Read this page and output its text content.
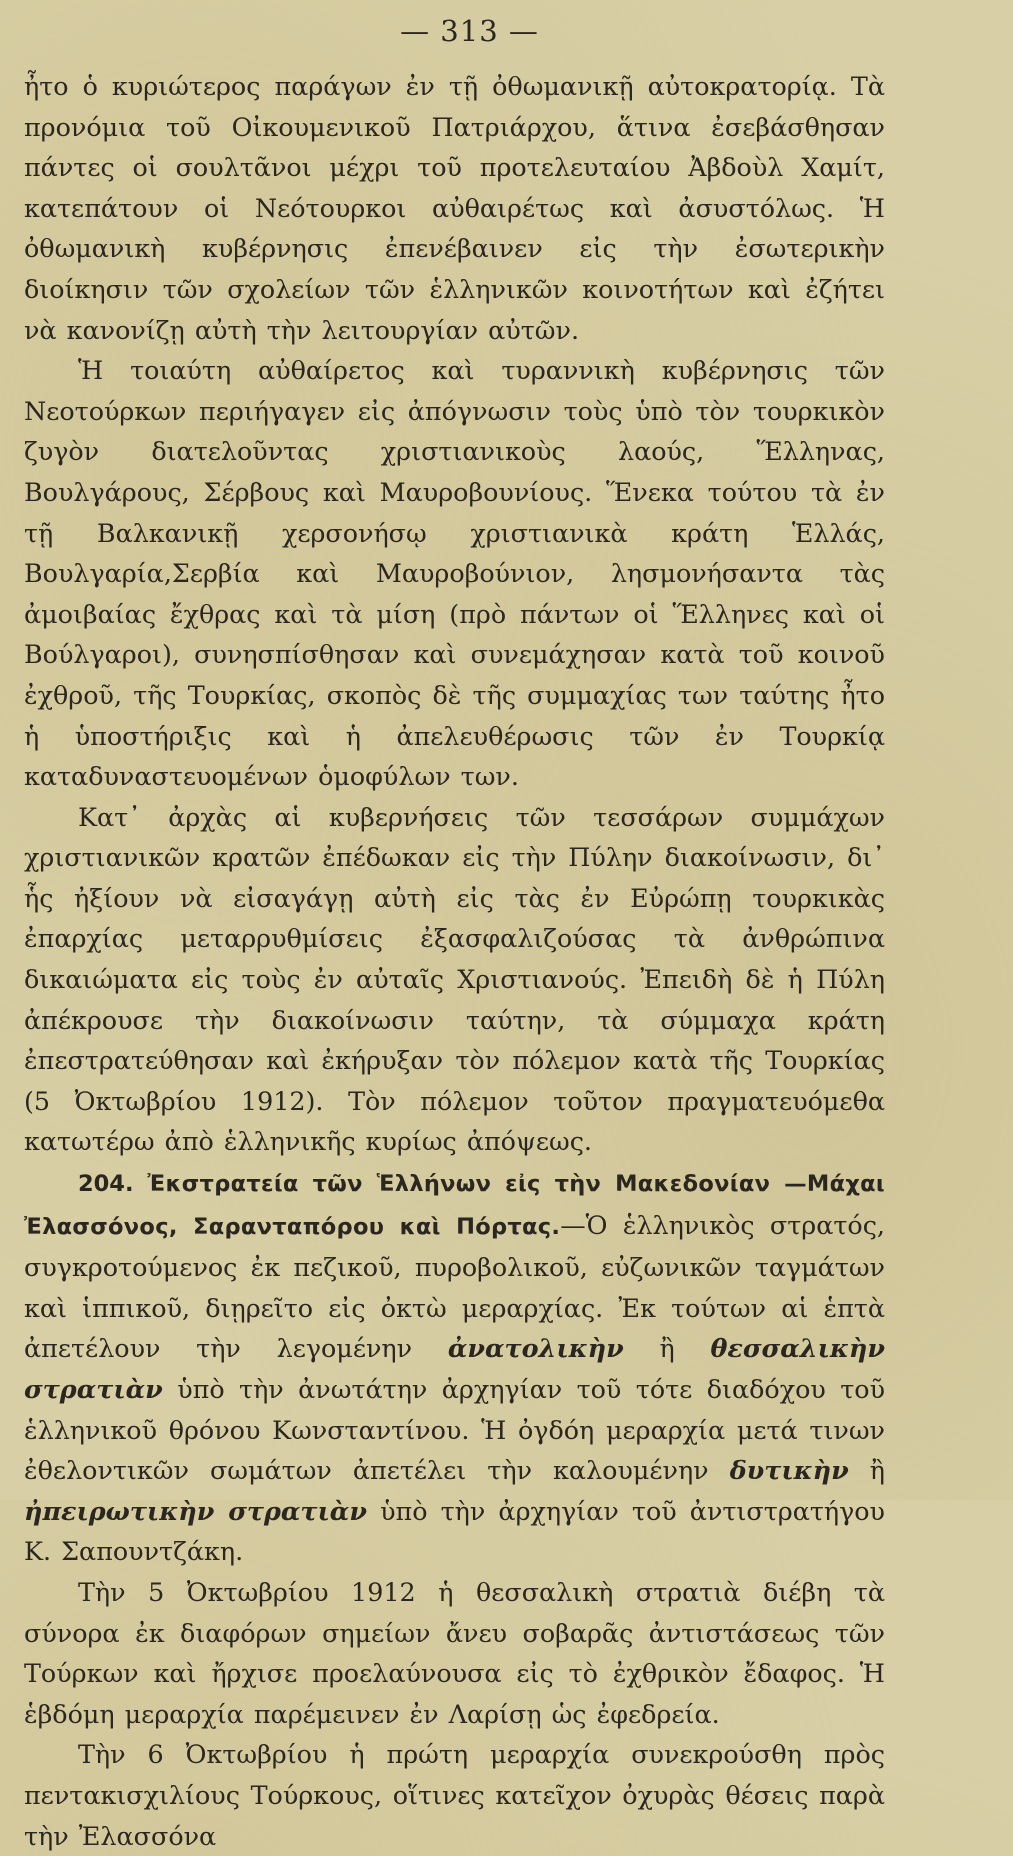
— 313 —

ἦτο ὁ κυριώτερος παράγων ἐν τῇ ὀθωμανικῇ αὐτοκρατορίᾳ. Τὰ προνόμια τοῦ Οἰκουμενικοῦ Πατριάρχου, ἅτινα ἐσεβάσθησαν πάντες οἱ σουλτᾶνοι μέχρι τοῦ προτελευταίου Ἀβδοὺλ Χαμίτ, κατεπάτουν οἱ Νεότουρκοι αὐθαιρέτως καὶ ἀσυστόλως. Ἡ ὀθωμανικὴ κυβέρνησις ἐπενέβαινεν εἰς τὴν ἐσωτερικὴν διοίκησιν τῶν σχολείων τῶν ἑλληνικῶν κοινοτήτων καὶ ἐζήτει νὰ κανονίζῃ αὐτὴ τὴν λειτουργίαν αὐτῶν.

Ἡ τοιαύτη αὐθαίρετος καὶ τυραννικὴ κυβέρνησις τῶν Νεοτούρκων περιήγαγεν εἰς ἀπόγνωσιν τοὺς ὑπὸ τὸν τουρκικὸν ζυγὸν διατελοῦντας χριστιανικοὺς λαούς, Ἕλληνας, Βουλγάρους, Σέρβους καὶ Μαυροβουνίους. Ἕνεκα τούτου τὰ ἐν τῇ Βαλκανικῇ χερσονήσῳ χριστιανικὰ κράτη Ἑλλάς, Βουλγαρία,Σερβία καὶ Μαυροβούνιον, λησμονήσαντα τὰς ἀμοιβαίας ἔχθρας καὶ τὰ μίση (πρὸ πάντων οἱ Ἕλληνες καὶ οἱ Βούλγαροι), συνησπίσθησαν καὶ συνεμάχησαν κατὰ τοῦ κοινοῦ ἐχθροῦ, τῆς Τουρκίας, σκοπὸς δὲ τῆς συμμαχίας των ταύτης ἦτο ἡ ὑποστήριξις καὶ ἡ ἀπελευθέρωσις τῶν ἐν Τουρκίᾳ καταδυναστευομένων ὁμοφύλων των.

Κατ᾿ ἀρχὰς αἱ κυβερνήσεις τῶν τεσσάρων συμμάχων χριστιανικῶν κρατῶν ἐπέδωκαν εἰς τὴν Πύλην διακοίνωσιν, δι᾿ ἧς ἠξίουν νὰ εἰσαγάγῃ αὐτὴ εἰς τὰς ἐν Εὐρώπῃ τουρκικὰς ἐπαρχίας μεταρρυθμίσεις ἐξασφαλιζούσας τὰ ἀνθρώπινα δικαιώματα εἰς τοὺς ἐν αὐταῖς Χριστιανούς. Ἐπειδὴ δὲ ἡ Πύλη ἀπέκρουσε τὴν διακοίνωσιν ταύτην, τὰ σύμμαχα κράτη ἐπεστρατεύθησαν καὶ ἐκήρυξαν τὸν πόλεμον κατὰ τῆς Τουρκίας (5 Ὀκτωβρίου 1912). Τὸν πόλεμον τοῦτον πραγματευόμεθα κατωτέρω ἀπὸ ἑλληνικῆς κυρίως ἀπόψεως.

204. Ἐκστρατεία τῶν Ἑλλήνων εἰς τὴν Μακεδονίαν —Μάχαι Ἐλασσόνος, Σαρανταπόρου καὶ Πόρτας.—Ὁ ἑλληνικὸς στρατός, συγκροτούμενος ἐκ πεζικοῦ, πυροβολικοῦ, εὐζωνικῶν ταγμάτων καὶ ἱππικοῦ, διῃρεῖτο εἰς ὀκτὼ μεραρχίας. Ἐκ τούτων αἱ ἑπτὰ ἀπετέλουν τὴν λεγομένην ἀνατολικὴν ἢ θεσσαλικὴν στρατιὰν ὑπὸ τὴν ἀνωτάτην ἀρχηγίαν τοῦ τότε διαδόχου τοῦ ἑλληνικοῦ θρόνου Κωνσταντίνου. Ἡ ὀγδόη μεραρχία μετά τινων ἐθελοντικῶν σωμάτων ἀπετέλει τὴν καλουμένην δυτικὴν ἢ ἠπειρωτικὴν στρατιὰν ὑπὸ τὴν ἀρχηγίαν τοῦ ἀντιστρατήγου Κ. Σαπουντζάκη.

Τὴν 5 Ὀκτωβρίου 1912 ἡ θεσσαλικὴ στρατιὰ διέβη τὰ σύνορα ἐκ διαφόρων σημείων ἄνευ σοβαρᾶς ἀντιστάσεως τῶν Τούρκων καὶ ἤρχισε προελαύνουσα εἰς τὸ ἐχθρικὸν ἔδαφος. Ἡ ἑβδόμη μεραρχία παρέμεινεν ἐν Λαρίσῃ ὡς ἐφεδρεία.

Τὴν 6 Ὀκτωβρίου ἡ πρώτη μεραρχία συνεκρούσθη πρὸς πεντακισχιλίους Τούρκους, οἵτινες κατεῖχον ὀχυρὰς θέσεις παρὰ τὴν Ἐλασσόνα
